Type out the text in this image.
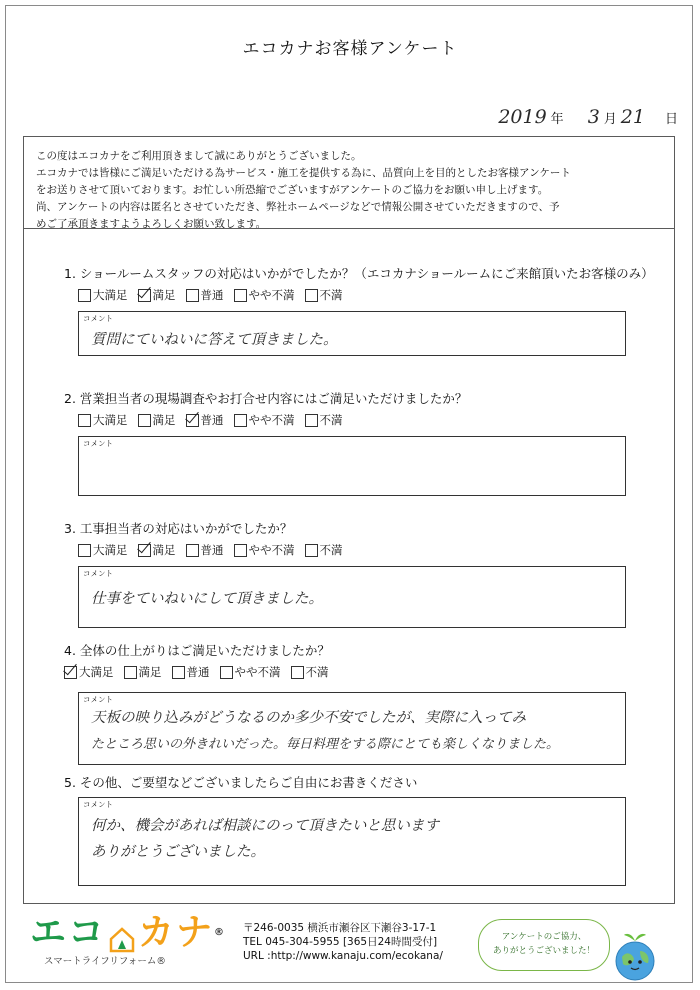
エコカナお客様アンケート
2019 年 3 月 21 日
この度はエコカナをご利用頂きまして誠にありがとうございました。
エコカナでは皆様にご満足いただける為サービス・施工を提供する為に、品質向上を目的としたお客様アンケート
をお送りさせて頂いております。お忙しい所恐縮でございますがアンケートのご協力をお願い申し上げます。
尚、アンケートの内容は匿名とさせていただき、弊社ホームページなどで情報公開させていただきますので、予
めご了承頂きますようよろしくお願い致します。
1. ショールームスタッフの対応はいかがでしたか？（エコカナショールームにご来館頂いたお客様のみ）
大満足 満足 普通 やや不満 不満
コメント
質問にていねいに答えて頂きました。
2. 営業担当者の現場調査やお打合せ内容にはご満足いただけましたか？
大満足 満足 普通 やや不満 不満
コメント
3. 工事担当者の対応はいかがでしたか？
大満足 満足 普通 やや不満 不満
コメント
仕事をていねいにして頂きました。
4. 全体の仕上がりはご満足いただけましたか？
大満足 満足 普通 やや不満 不満
コメント
天板の映り込みがどうなるのか多少不安でしたが、実際に入ってみ
たところ思いの外きれいだった。毎日料理をする際にとても楽しくなりました。
5. その他、ご要望などございましたらご自由にお書きください
コメント
何か、機会があれば相談にのって頂きたいと思います
ありがとうございました。
エコ カナ®
スマートライフリフォーム®
〒246-0035 横浜市瀬谷区下瀬谷3-17-1
TEL 045-304-5955 [365日24時間受付]
URL :http://www.kanaju.com/ecokana/
アンケートのご協力、
ありがとうございました！
